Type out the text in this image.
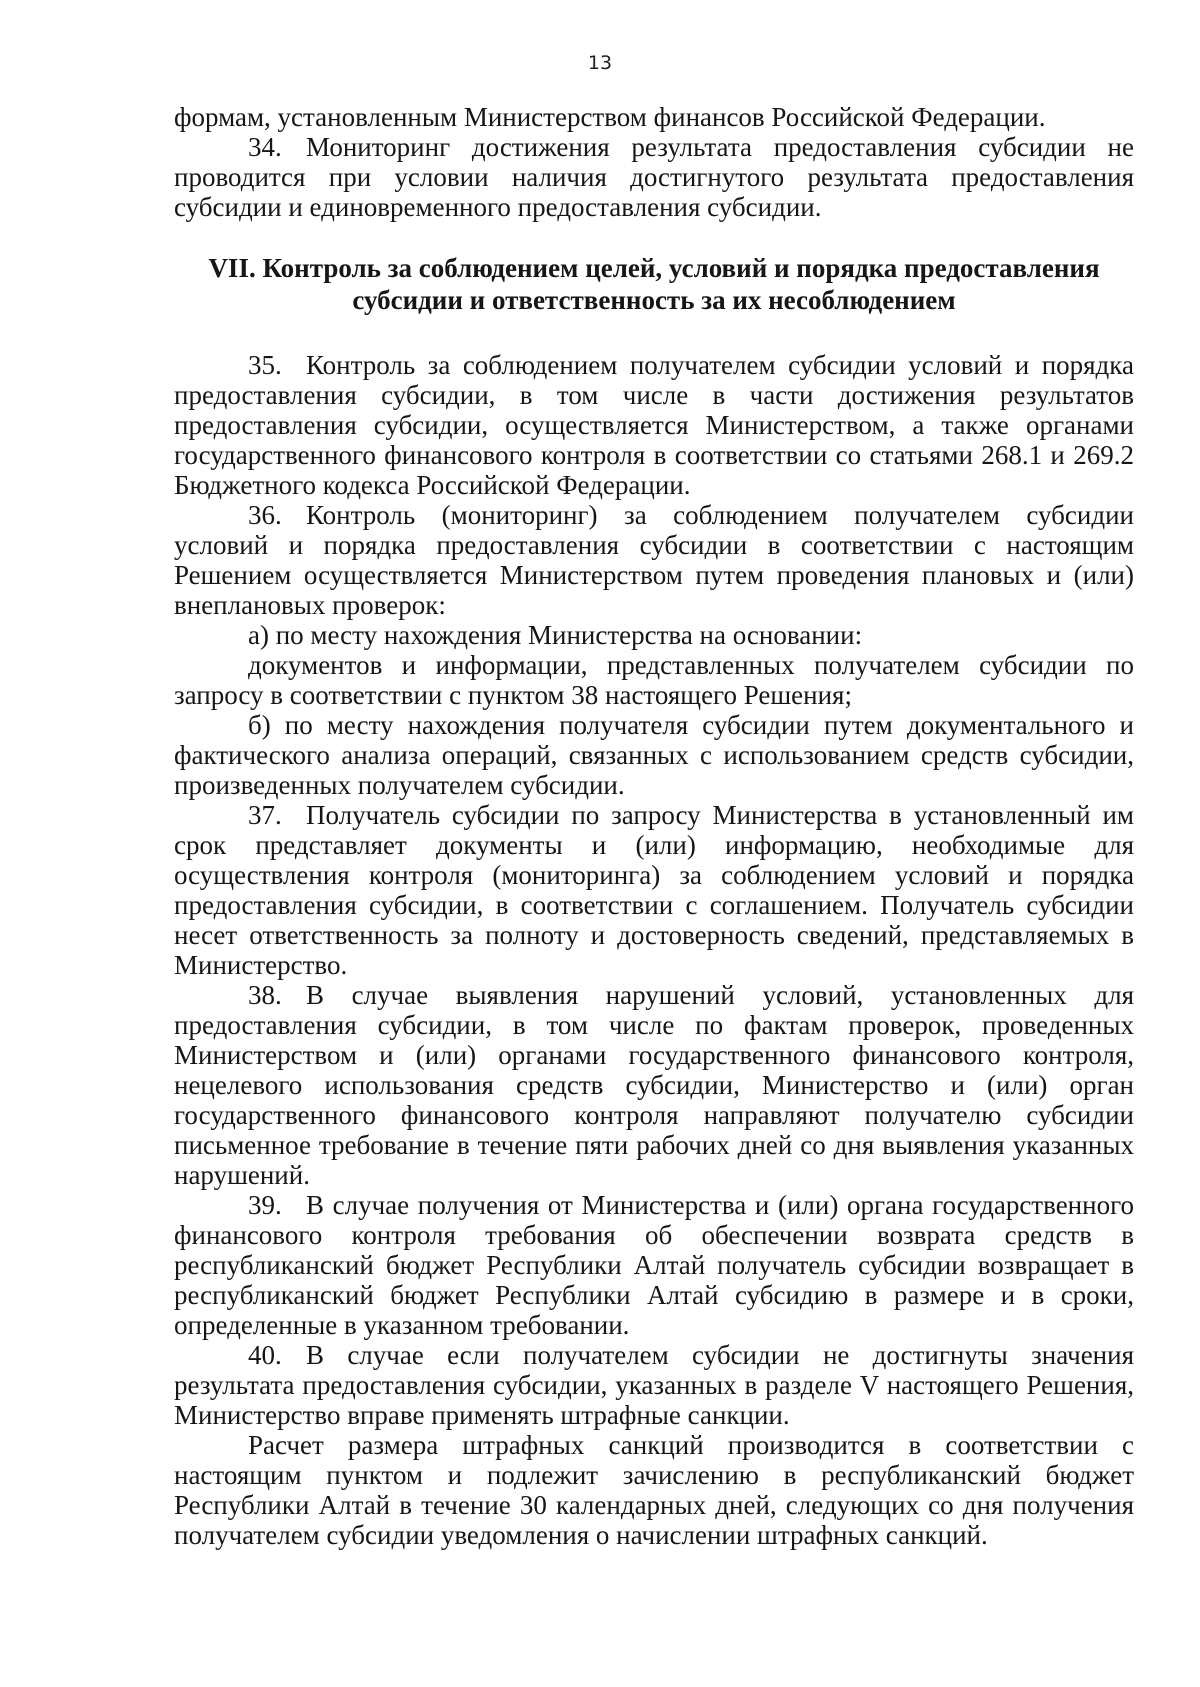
13

формам, установленным Министерством финансов Российской Федерации.

34. Мониторинг достижения результата предоставления субсидии не проводится при условии наличия достигнутого результата предоставления субсидии и единовременного предоставления субсидии.

VII. Контроль за соблюдением целей, условий и порядка предоставления
субсидии и ответственность за их несоблюдением

35. Контроль за соблюдением получателем субсидии условий и порядка предоставления субсидии, в том числе в части достижения результатов предоставления субсидии, осуществляется Министерством, а также органами государственного финансового контроля в соответствии со статьями 268.1 и 269.2 Бюджетного кодекса Российской Федерации.

36. Контроль (мониторинг) за соблюдением получателем субсидии условий и порядка предоставления субсидии в соответствии с настоящим Решением осуществляется Министерством путем проведения плановых и (или) внеплановых проверок:

а) по месту нахождения Министерства на основании:

документов и информации, представленных получателем субсидии по запросу в соответствии с пунктом 38 настоящего Решения;

б) по месту нахождения получателя субсидии путем документального и фактического анализа операций, связанных с использованием средств субсидии, произведенных получателем субсидии.

37. Получатель субсидии по запросу Министерства в установленный им срок представляет документы и (или) информацию, необходимые для осуществления контроля (мониторинга) за соблюдением условий и порядка предоставления субсидии, в соответствии с соглашением. Получатель субсидии несет ответственность за полноту и достоверность сведений, представляемых в Министерство.

38. В случае выявления нарушений условий, установленных для предоставления субсидии, в том числе по фактам проверок, проведенных Министерством и (или) органами государственного финансового контроля, нецелевого использования средств субсидии, Министерство и (или) орган государственного финансового контроля направляют получателю субсидии письменное требование в течение пяти рабочих дней со дня выявления указанных нарушений.

39. В случае получения от Министерства и (или) органа государственного финансового контроля требования об обеспечении возврата средств в республиканский бюджет Республики Алтай получатель субсидии возвращает в республиканский бюджет Республики Алтай субсидию в размере и в сроки, определенные в указанном требовании.

40. В случае если получателем субсидии не достигнуты значения результата предоставления субсидии, указанных в разделе V настоящего Решения, Министерство вправе применять штрафные санкции.

Расчет размера штрафных санкций производится в соответствии с настоящим пунктом и подлежит зачислению в республиканский бюджет Республики Алтай в течение 30 календарных дней, следующих со дня получения получателем субсидии уведомления о начислении штрафных санкций.
